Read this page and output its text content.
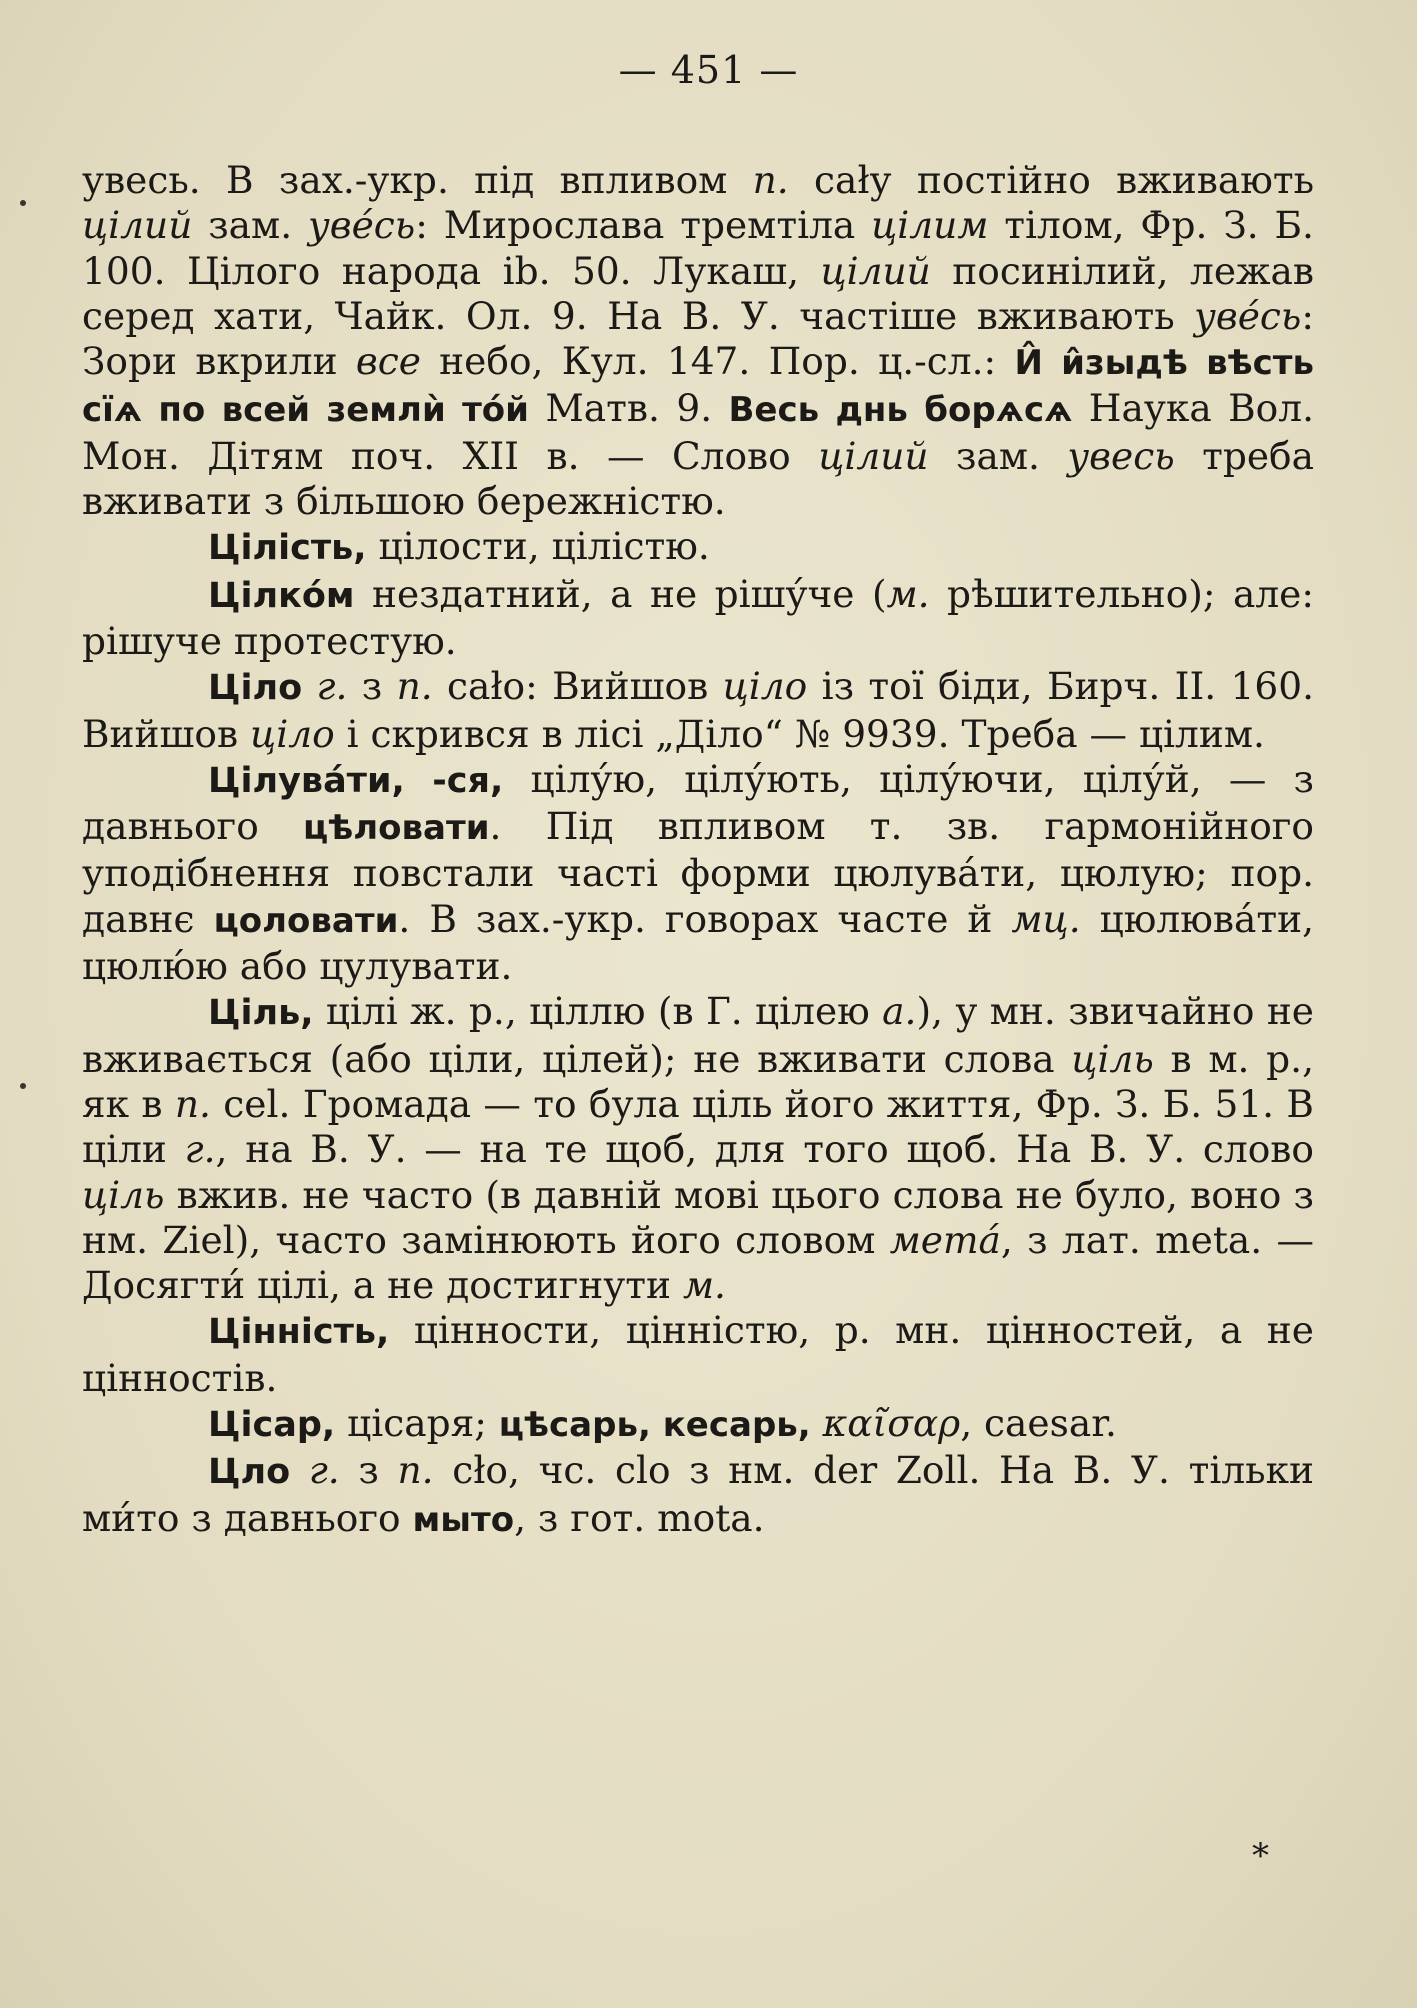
— 451 —

увесь. В зах.-укр. під впливом п. саłу постійно вживають цілий зам. уве́сь: Мирослава тремтіла цілим тілом, Фр. З. Б. 100. Цілого народа ib. 50. Лукаш, цілий посинілий, лежав серед хати, Чайк. Ол. 9. На В. У. частіше вживають уве́сь: Зори вкрили все небо, Кул. 147. Пор. ц.-сл.: И̂ и̂зыдѣ вѣсть сїѧ по всей землѝ то́й Матв. 9. Весь днь борѧсѧ Наука Вол. Мон. Дітям поч. XII в. — Слово цілий зам. увесь треба вживати з більшою бережністю.

Цілість, цілости, цілістю.

Цілко́м нездатний, а не рішу́че (м. рѣшительно); але: рішуче протестую.

Ціло г. з п. саłо: Вийшов ціло із тої біди, Бирч. II. 160. Вийшов ціло і скрився в лісі „Діло“ № 9939. Треба — цілим.

Цілува́ти, -ся, цілу́ю, цілу́ють, цілу́ючи, цілу́й, — з давнього цѣловати. Під впливом т. зв. гармонійного уподібнення повстали часті форми цюлува́ти, цюлую; пор. давнє цоловати. В зах.-укр. говорах часте й мц. цюлюва́ти, цюлю́ю або цулувати.

Ціль, цілі ж. р., ціллю (в Г. цілею а.), у мн. звичайно не вживається (або ціли, цілей); не вживати слова ціль в м. р., як в п. cel. Громада — то була ціль його життя, Фр. З. Б. 51. В ціли г., на В. У. — на те щоб, для того щоб. На В. У. слово ціль вжив. не часто (в давній мові цього слова не було, воно з нм. Ziel), часто замінюють його словом мета́, з лат. meta. — Досягти́ цілі, а не достигнути м.

Цінність, цінности, цінністю, р. мн. цінностей, а не цінностів.

Цісар, цісаря; цѣсарь, кесарь, καῖσαρ, caesar.

Цло г. з п. cło, чс. clo з нм. der Zoll. На В. У. тільки ми́то з давнього мыто, з гот. mota.

*
